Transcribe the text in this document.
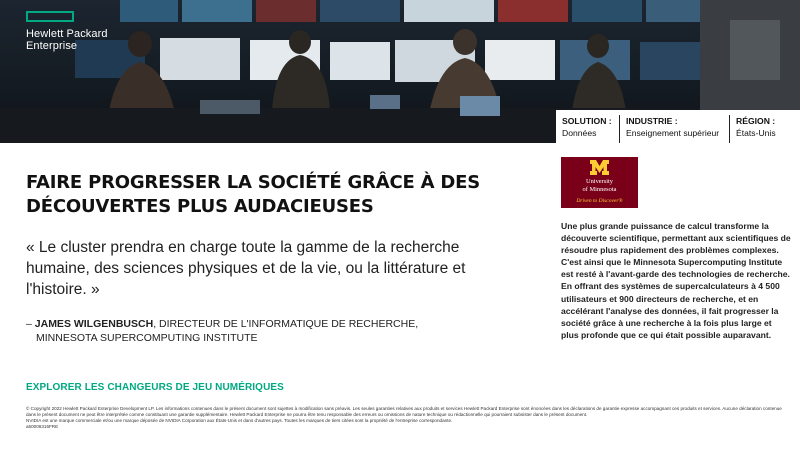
Hewlett Packard
Enterprise
SOLUTION :
Données
INDUSTRIE :
Enseignement supérieur
RÉGION :
États-Unis
FAIRE PROGRESSER LA SOCIÉTÉ GRÂCE À DES DÉCOUVERTES PLUS AUDACIEUSES

« Le cluster prendra en charge toute la gamme de la recherche humaine, des sciences physiques et de la vie, ou la littérature et l'histoire. »

– JAMES WILGENBUSCH, DIRECTEUR DE L'INFORMATIQUE DE RECHERCHE,
MINNESOTA SUPERCOMPUTING INSTITUTE

EXPLORER LES CHANGEURS DE JEU NUMÉRIQUES
University
of Minnesota
Driven to Discover®

Une plus grande puissance de calcul transforme la découverte scientifique, permettant aux scientifiques de résoudre plus rapidement des problèmes complexes. C'est ainsi que le Minnesota Supercomputing Institute est resté à l'avant-garde des technologies de recherche. En offrant des systèmes de supercalculateurs à 4 500 utilisateurs et 900 directeurs de recherche, et en accélérant l'analyse des données, il fait progresser la société grâce à une recherche à la fois plus large et plus profonde que ce qui était possible auparavant.

© Copyright 2022 Hewlett Packard Enterprise Development LP. Les informations contenues dans le présent document sont sujettes à modification sans préavis. Les seules garanties relatives aux produits et services Hewlett Packard Enterprise sont énoncées dans les déclarations de garantie expresse accompagnant ces produits et services. Aucune déclaration contenue dans le présent document ne peut être interprétée comme constituant une garantie supplémentaire. Hewlett Packard Enterprise ne pourra être tenu responsable des erreurs ou omissions de nature technique ou rédactionnelle qui pourraient subsister dans le présent document.
NVIDIA est une marque commerciale et/ou une marque déposée de NVIDIA Corporation aux États-Unis et dans d'autres pays. Toutes les marques de tiers citées sont la propriété de l'entreprise correspondante.
a50006316FRE
